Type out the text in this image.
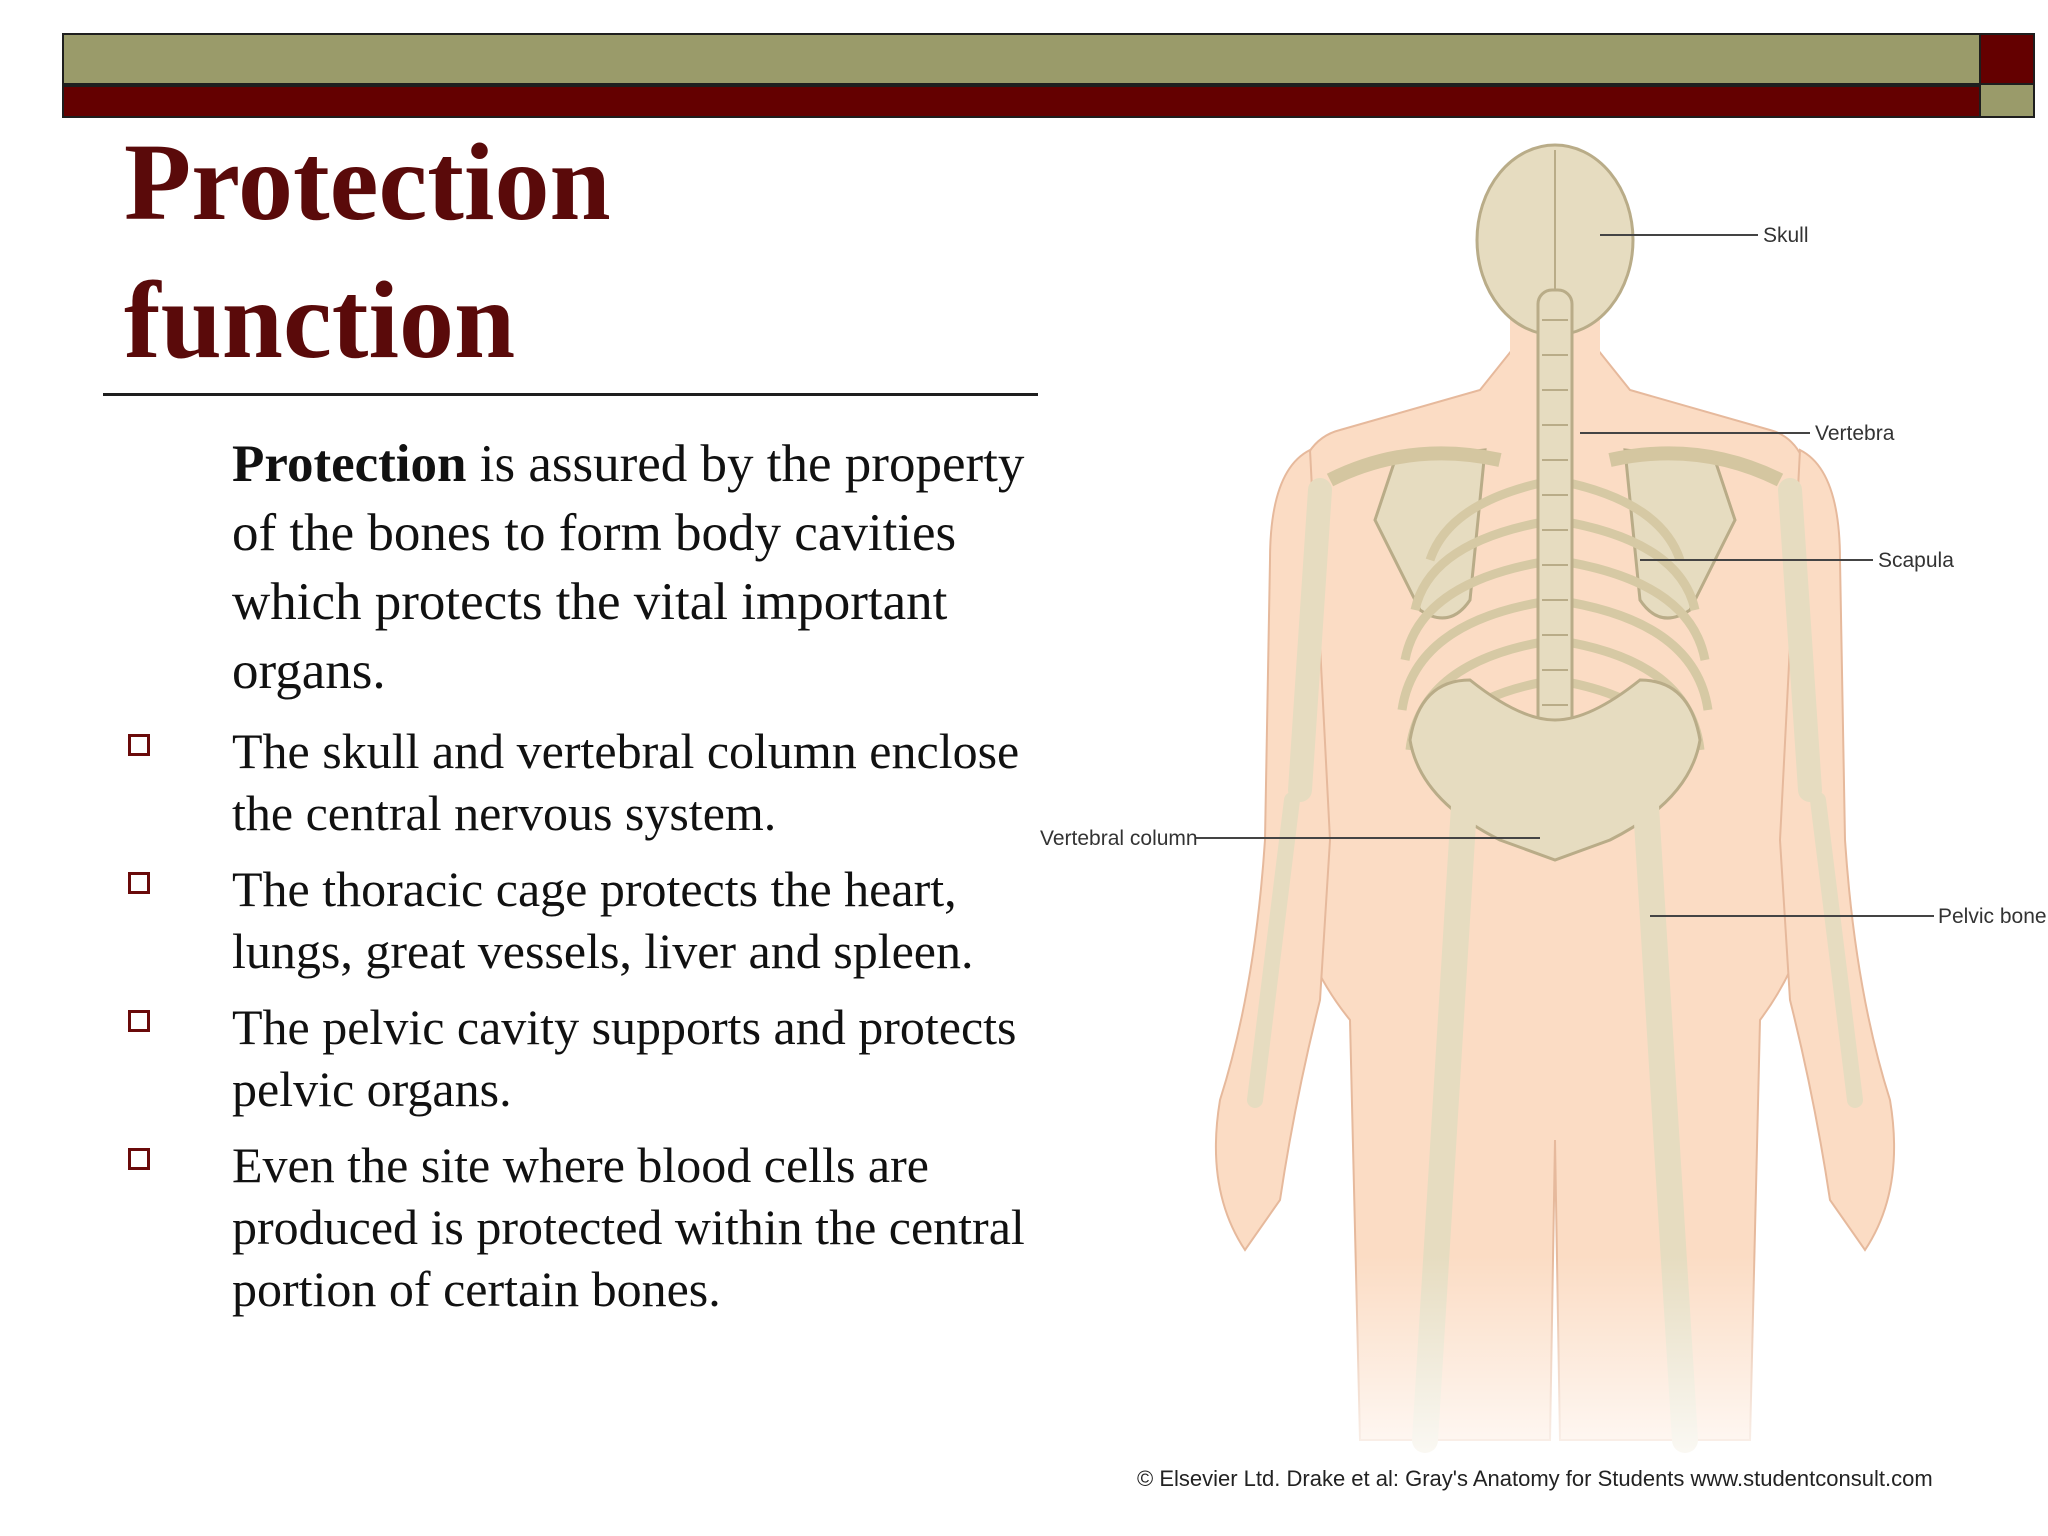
Protection
function

Protection is assured by the property of the bones to form body cavities which protects the vital important organs.

The skull and vertebral column enclose the central nervous system.
The thoracic cage protects the heart, lungs, great vessels, liver and spleen.
The pelvic cavity supports and protects pelvic organs.
Even the site where blood cells are produced is protected within the central portion of certain bones.
Skull
Vertebra
Scapula
Vertebral column
Pelvic bone
© Elsevier Ltd. Drake et al: Gray's Anatomy for Students www.studentconsult.com
